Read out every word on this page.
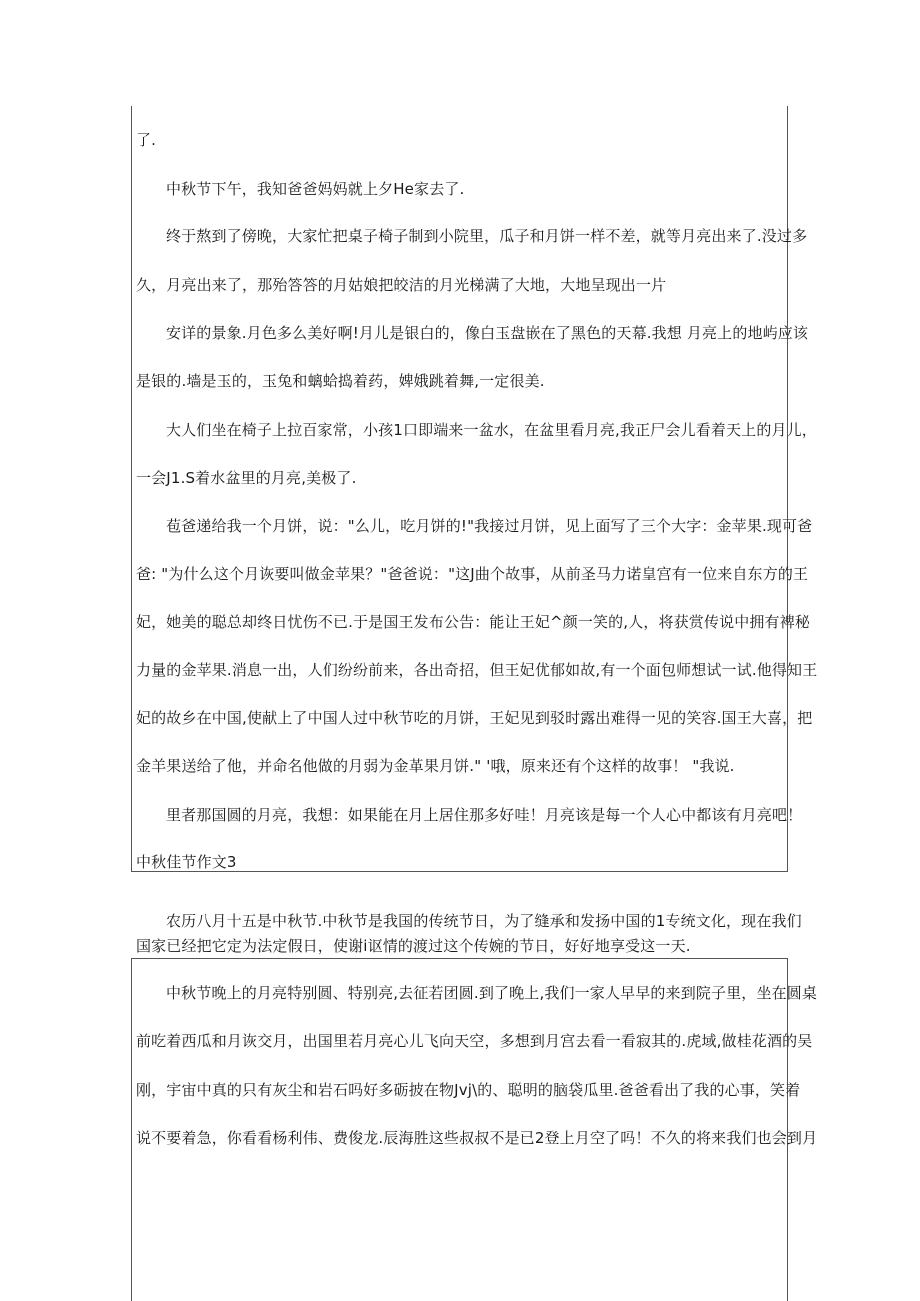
了.
中秋节下午，我知爸爸妈妈就上夕He家去了.
终于熬到了傍晚，大家忙把桌子椅子制到小院里，瓜子和月饼一样不差，就等月亮出来了.没过多
久，月亮出来了，那殆答答的月姑娘把皎洁的月光梯满了大地，大地呈现出一片
安详的景象.月色多么美好啊!月儿是银白的，像白玉盘嵌在了黑色的天幕.我想 月亮上的地屿应该
是银的.墙是玉的，玉兔和螭蛤捣着药，婢娥跳着舞,一定很美.
大人们坐在椅子上拉百家常，小孩1口即端来一盆水，在盆里看月亮,我正尸会儿看着天上的月儿，
一会J1.S着水盆里的月亮,美极了.
苞爸递给我一个月饼，说："么儿，吃月饼的!"我接过月饼，见上面写了三个大字：金苹果.现可爸
爸: "为什么这个月诙要叫做金苹果？"爸爸说："这J曲个故事，从前圣马力诺皇宫有一位来自东方的王
妃，她美的聪总却终日忧伤不已.于是国王发布公告：能让王妃^颜一笑的,人，将获赏传说中拥有裨秘
力量的金苹果.消息一出，人们纷纷前来，各出奇招，但王妃优郁如故,有一个面包师想试一试.他得知王
妃的故乡在中国,使献上了中国人过中秋节吃的月饼，王妃见到驳时露出难得一见的笑容.国王大喜，把
金羊果送给了他，并命名他做的月弱为金革果月饼." '哦，原来还有个这样的故事！ "我说.
里者那国圆的月亮，我想：如果能在月上居住那多好哇！月亮该是每一个人心中都该有月亮吧！
中秋佳节作文3
农历八月十五是中秋节.中秋节是我国的传统节日，为了缝承和发扬中国的1专统文化，现在我们
国家已经把它定为法定假日，使谢i讴情的渡过这个传婉的节日，好好地享受这一天.
中秋节晚上的月亮特别圆、特别亮,去征若团圆.到了晚上,我们一家人早早的来到院子里，坐在圆桌
前吃着西瓜和月诙交月，出国里若月亮心儿飞向天空，多想到月宫去看一看寂其的.虎域,做桂花酒的吴
刚，宇宙中真的只有灰尘和岩石吗好多砺披在物Jvj\的、聪明的脑袋瓜里.爸爸看出了我的心事，笑着
说不要着急，你看看杨利伟、费俊龙.辰海胜这些叔叔不是已2登上月空了吗！不久的将来我们也会到月
